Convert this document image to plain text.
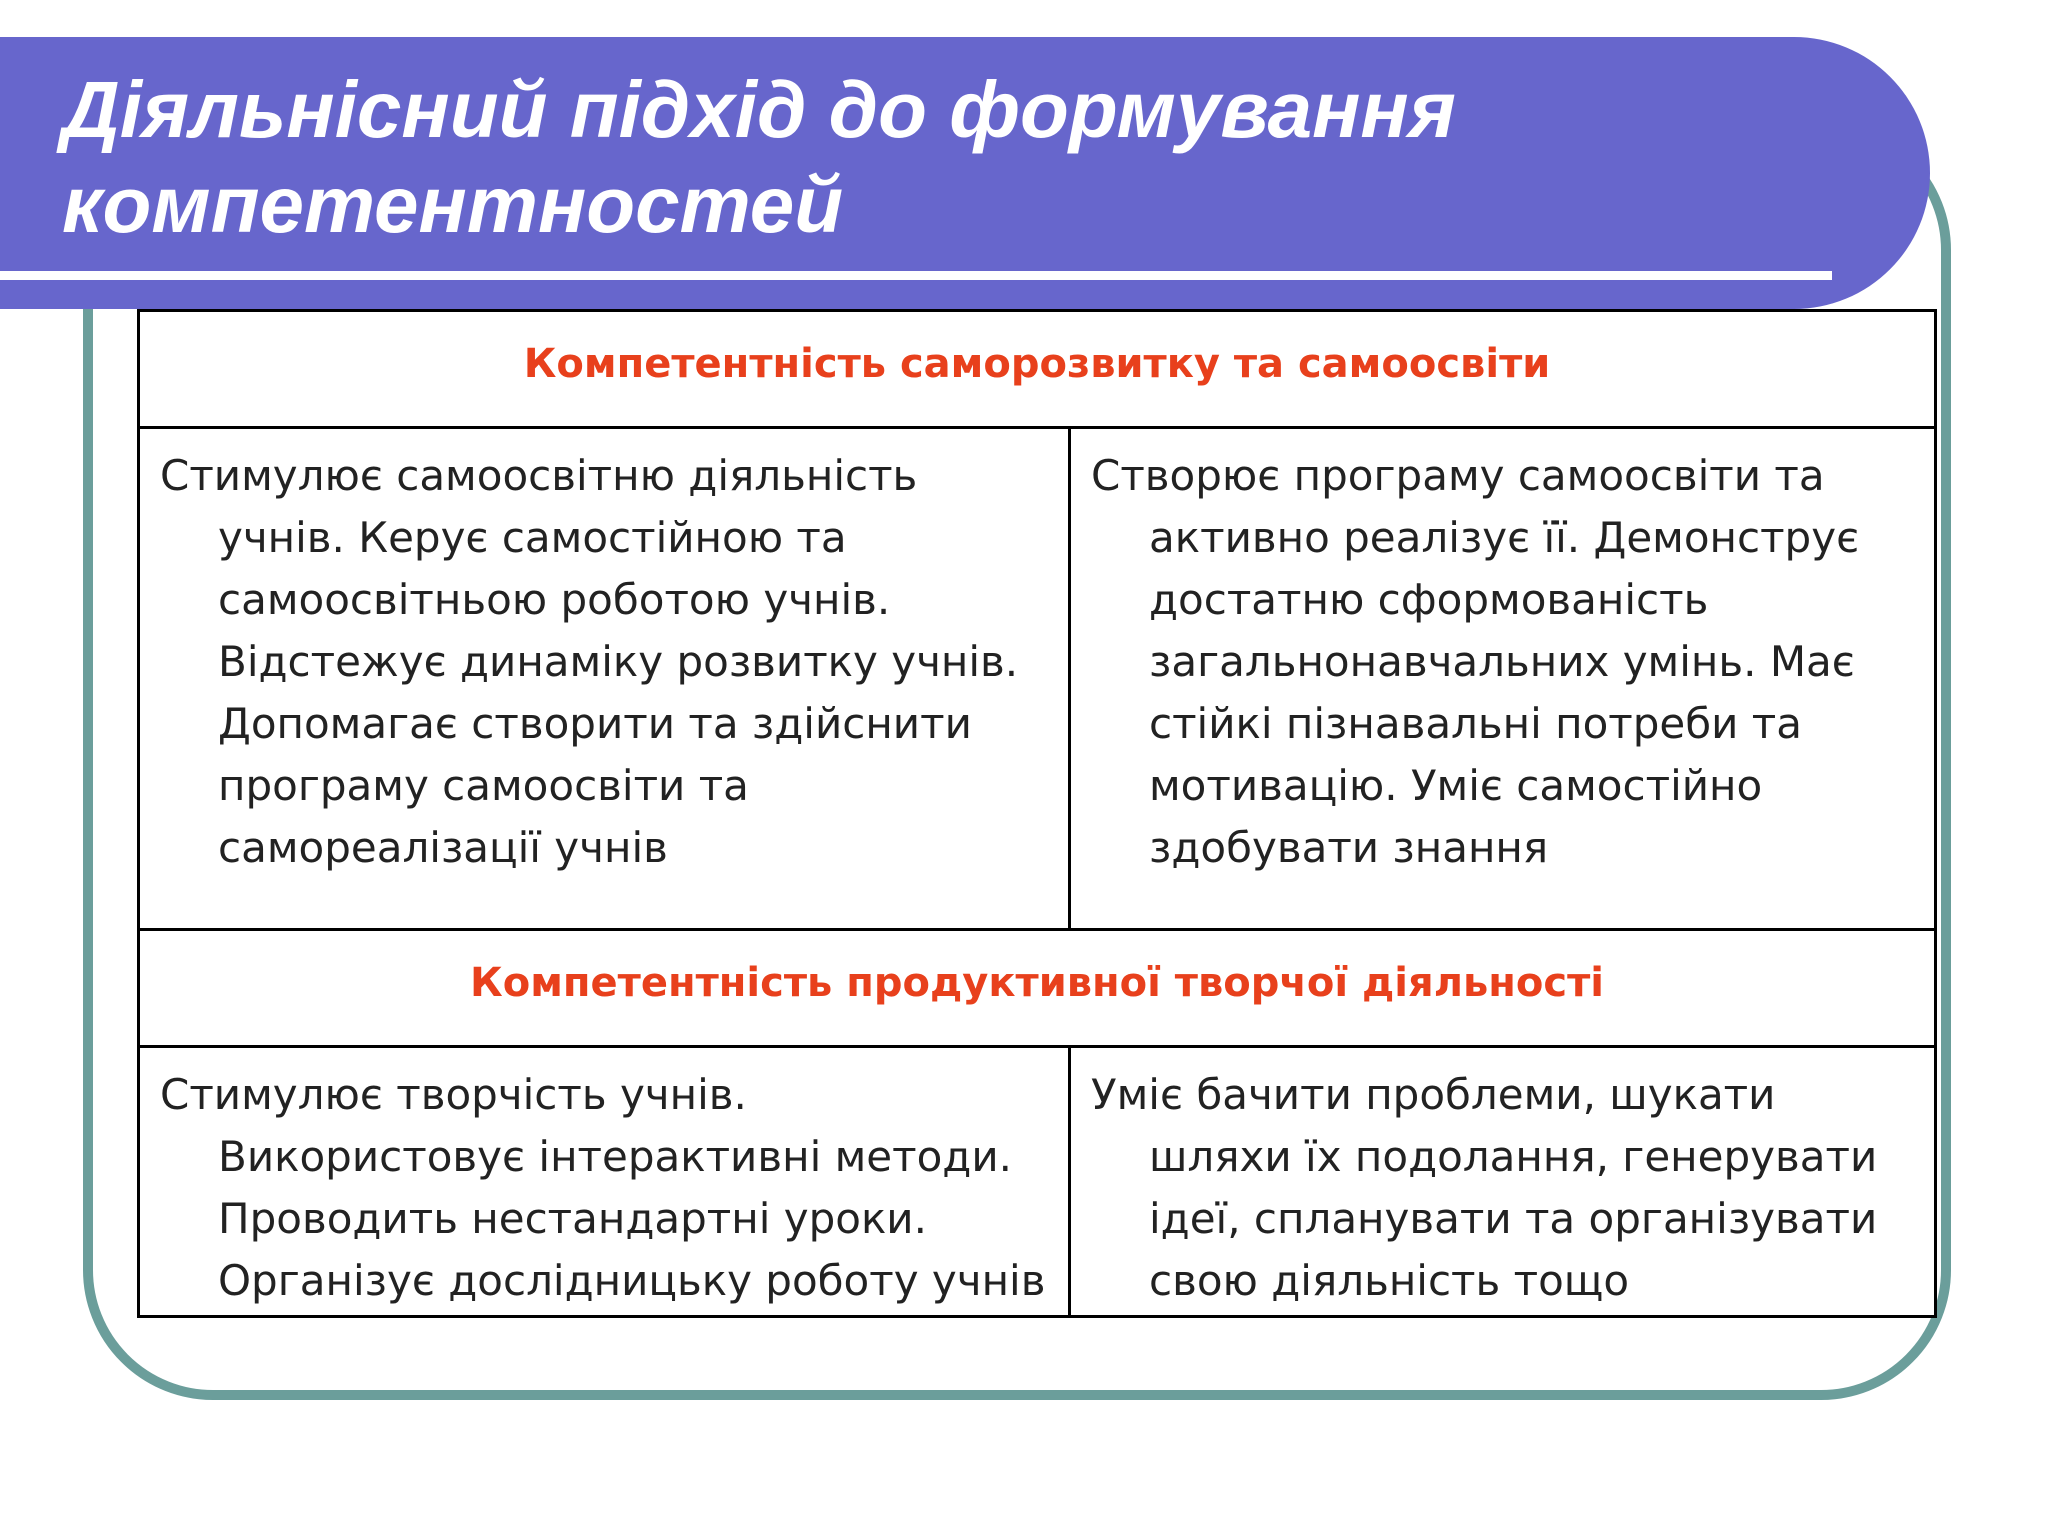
Діяльнісний підхід до формування компетентностей
Компетентність саморозвитку та самоосвіти	
Стимулює самоосвітню діяльність учнів. Керує самостійною та самоосвітньою роботою учнів. Відстежує динаміку розвитку учнів. Допомагає створити та здійснити програму самоосвіти та самореалізації учнів	Створює програму самоосвіти та активно реалізує її. Демонструє достатню сформованість загальнонавчальних умінь. Має стійкі пізнавальні потреби та мотивацію. Уміє самостійно здобувати знання
Компетентність продуктивної творчої діяльності	
Стимулює творчість учнів. Використовує інтерактивні методи. Проводить нестандартні уроки. Організує дослідницьку роботу учнів	Уміє бачити проблеми, шукати шляхи їх подолання, генерувати ідеї, спланувати та організувати свою діяльність тощо
